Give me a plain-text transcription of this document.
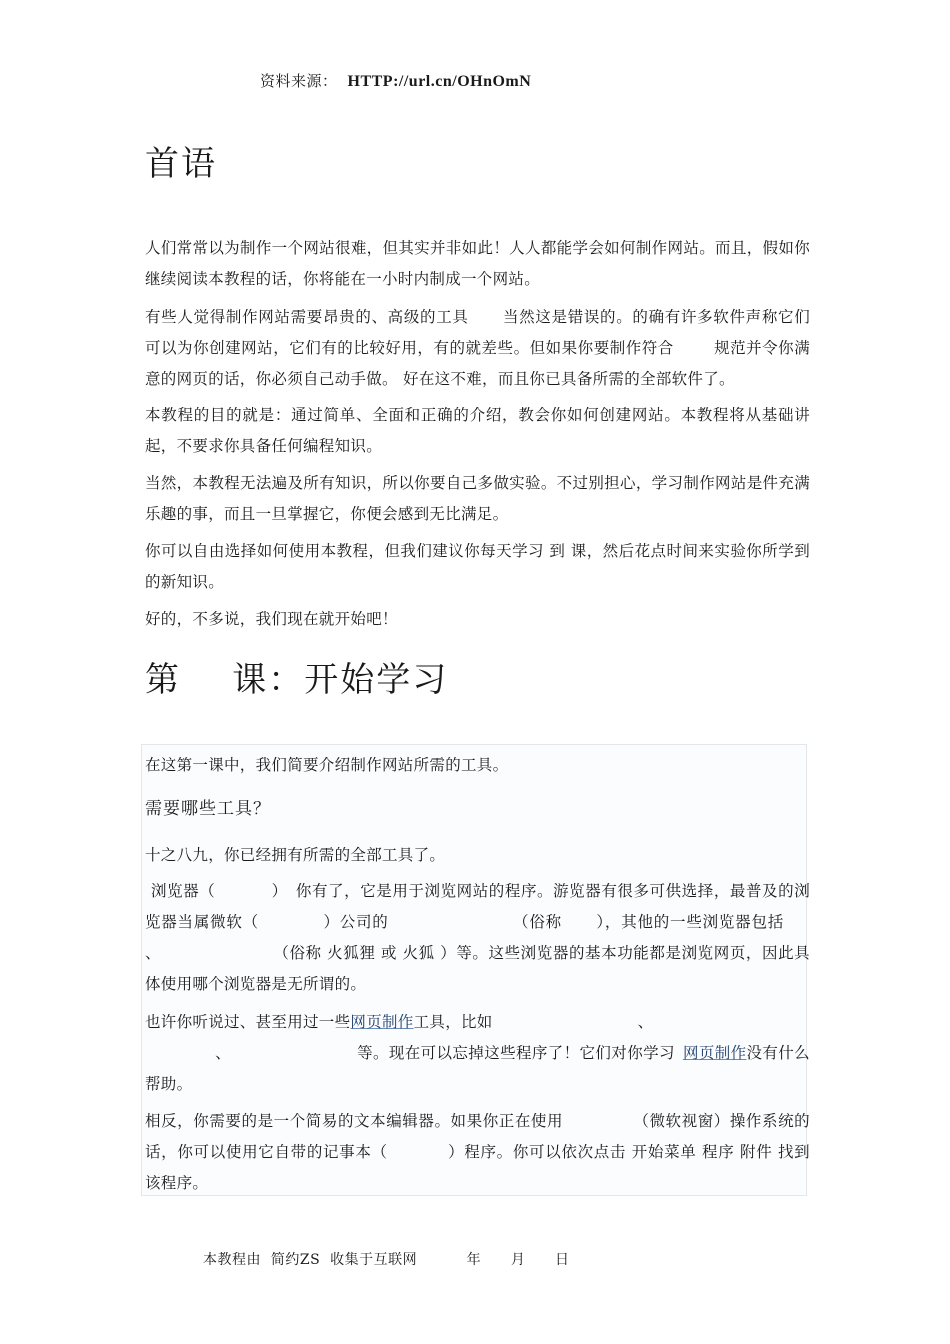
资料来源： HTTP://url.cn/OHnOmN
首语

人们常常以为制作一个网站很难，但其实并非如此！人人都能学会如何制作网站。而且，假如你继续阅读本教程的话，你将能在一小时内制成一个网站。

有些人觉得制作网站需要昂贵的、高级的工具 当然这是错误的。的确有许多软件声称它们可以为你创建网站，它们有的比较好用，有的就差些。但如果你要制作符合	规范并令你满意的网页的话，你必须自己动手做。 好在这不难，而且你已具备所需的全部软件了。

本教程的目的就是：通过简单、全面和正确的介绍，教会你如何创建网站。本教程将从基础讲起，不要求你具备任何编程知识。

当然，本教程无法遍及所有知识，所以你要自己多做实验。不过别担心，学习制作网站是件充满乐趣的事，而且一旦掌握它，你便会感到无比满足。

你可以自由选择如何使用本教程，但我们建议你每天学习 到 课，然后花点时间来实验你所学到的新知识。

好的，不多说，我们现在就开始吧！

第    课：开始学习

在这第一课中，我们简要介绍制作网站所需的工具。

需要哪些工具？

十之八九，你已经拥有所需的全部工具了。

浏览器（	） 你有了，它是用于浏览网站的程序。游览器有很多可供选择，最普及的浏览器当属微软（	）公司的	（俗称 ），其他的一些浏览器包括、	（俗称 火狐狸 或 火狐 ）等。这些浏览器的基本功能都是浏览网页，因此具体使用哪个浏览器是无所谓的。

也许你听说过、甚至用过一些网页制作工具，比如	、
、	等。现在可以忘掉这些程序了！它们对你学习 网页制作没有什么帮助。

相反，你需要的是一个简易的文本编辑器。如果你正在使用	（微软视窗）操作系统的话，你可以使用它自带的记事本（	）程序。你可以依次点击 开始菜单 程序 附件 找到该程序。

本教程由  简约ZS  收集于互联网          年      月      日
